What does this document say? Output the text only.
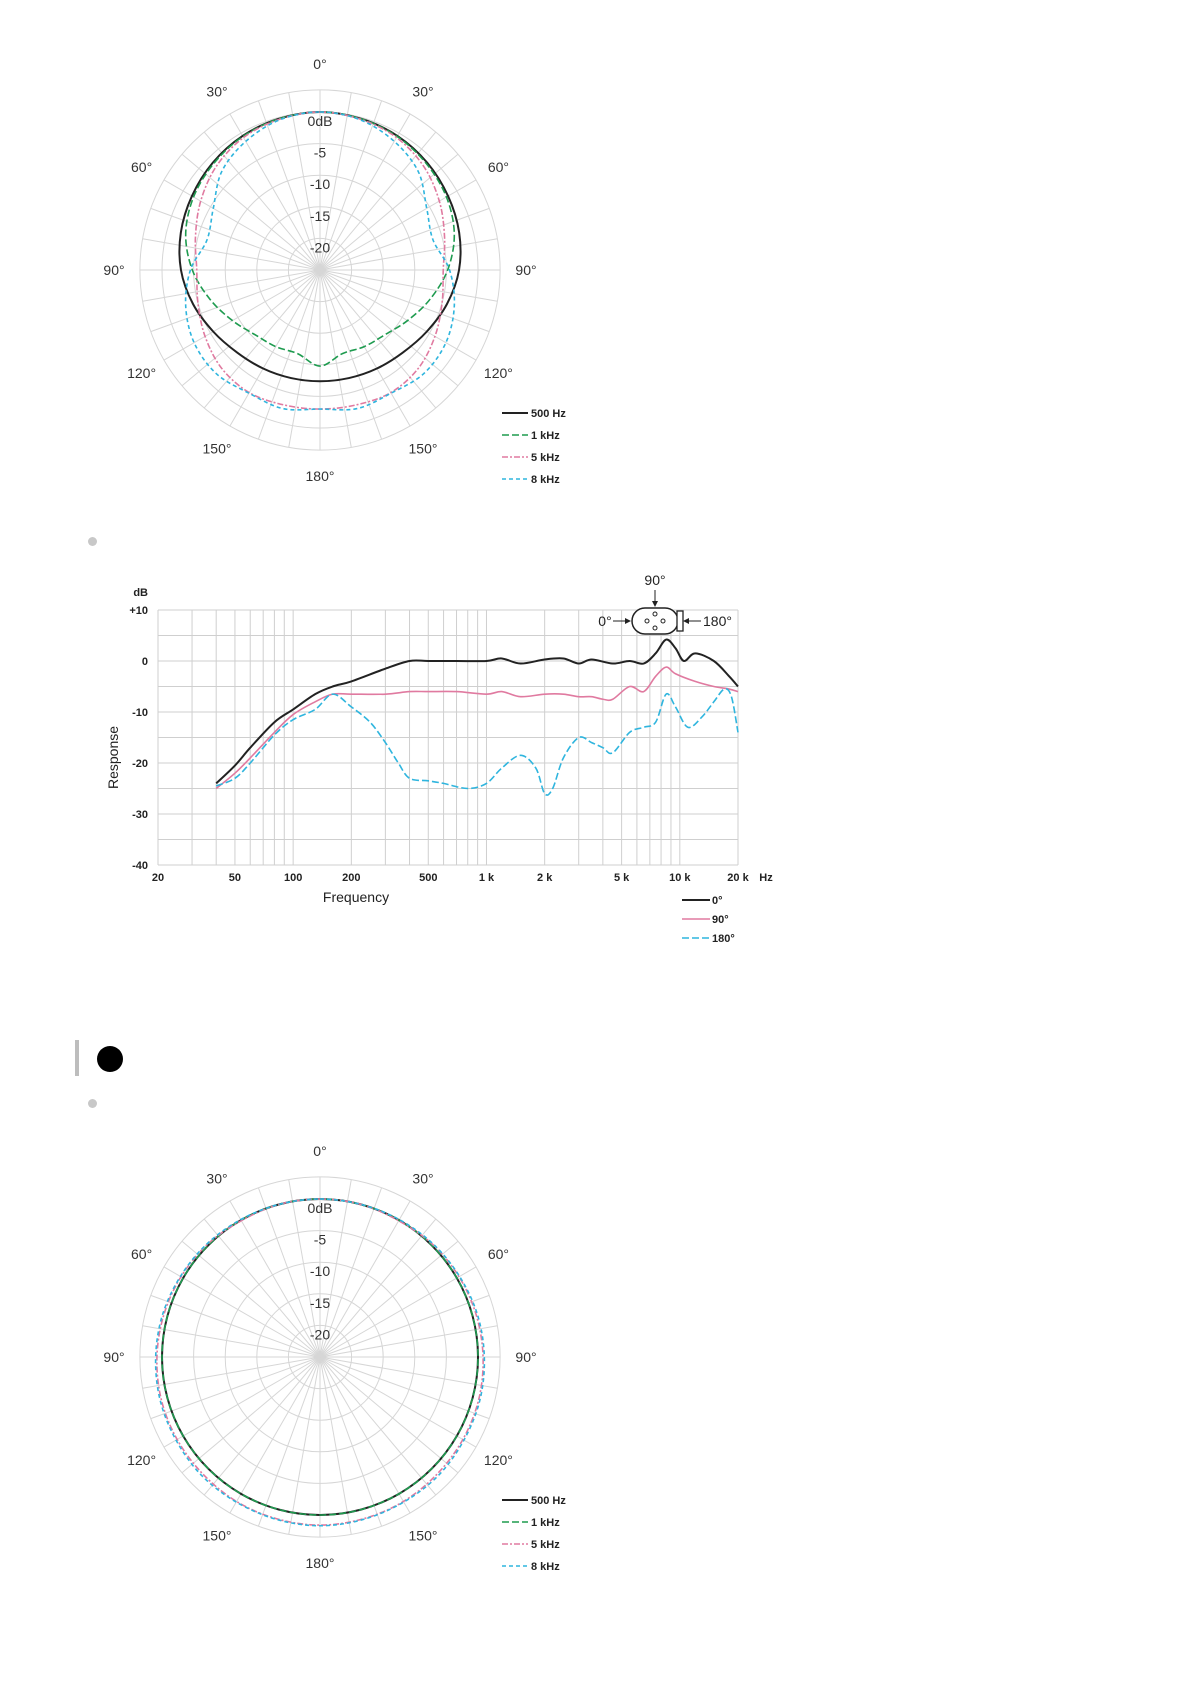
0dB
-5
-10
-15
-20
0°
30°
60°
90°
120°
150°
180°
150°
120°
90°
60°
30°
500 Hz
1 kHz
5 kHz
8 kHz
+10
0
-10
-20
-30
-40
dB
20	50	100	200	500	1 k	2 k	5 k	10 k	20 k Hz
Frequency
Response
0°
90°
180°
90°
0°	180°
0dB
-5
-10
-15
-20
0°
30°
60°
90°
120°
150°
180°
150°
120°
90°
60°
30°
500 Hz
1 kHz
5 kHz
8 kHz
